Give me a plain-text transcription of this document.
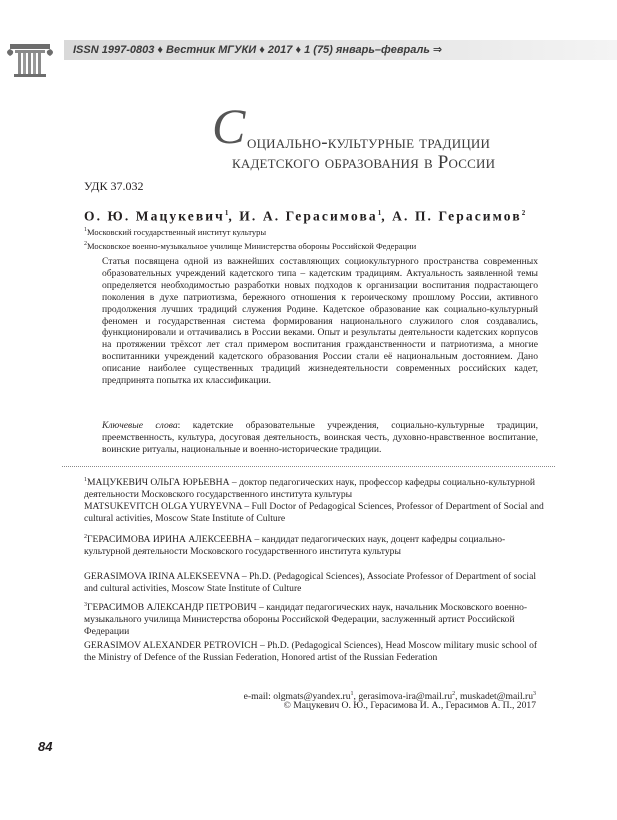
ISSN 1997-0803 ♦ Вестник МГУКИ ♦ 2017 ♦ 1 (75) январь–февраль ⇒
С оциально-культурные традиции
кадетского образования в России
УДК 37.032
О. Ю. Мацукевич$^1$, И. А. Герасимова$^1$, А. П. Герасимов$^2$
$^1$Московский государственный институт культуры
$^2$Московское военно-музыкальное училище Министерства обороны Российской Федерации
Статья посвящена одной из важнейших составляющих социокультурного пространства современных образовательных учреждений кадетского типа – кадетским традициям. Актуальность заявленной темы определяется необходимостью разработки новых подходов к организации воспитания подрастающего поколения в духе патриотизма, бережного отношения к героическому прошлому России, активного продолжения лучших традиций служения Родине. Кадетское образование как социально-культурный феномен и государственная система формирования национального служилого слоя создавались, функционировали и оттачивались в России веками. Опыт и результаты деятельности кадетских корпусов на протяжении трёхсот лет стал примером воспитания гражданственности и патриотизма, а многие воспитанники учреждений кадетского образования России стали её национальным достоянием. Дано описание наиболее существенных традиций жизнедеятельности современных российских кадет, предпринята попытка их классификации.
Ключевые слова: кадетские образовательные учреждения, социально-культурные традиции, преемственность, культура, досуговая деятельность, воинская честь, духовно-нравственное воспитание, воинские ритуалы, национальные и военно-исторические традиции.
$^1$МАЦУКЕВИЧ ОЛЬГА ЮРЬЕВНА – доктор педагогических наук, профессор кафедры социально-культурной деятельности Московского государственного института культуры
MATSUKEVITCH OLGA YURYEVNA – Full Doctor of Pedagogical Sciences, Professor of Department of Social and cultural activities, Moscow State Institute of Culture
$^2$ГЕРАСИМОВА ИРИНА АЛЕКСЕЕВНА – кандидат педагогических наук, доцент кафедры социально-культурной деятельности Московского государственного института культуры
GERASIMOVA IRINA ALEKSEEVNA – Ph.D. (Pedagogical Sciences), Associate Professor of Department of social and cultural activities, Moscow State Institute of Culture
$^3$ГЕРАСИМОВ АЛЕКСАНДР ПЕТРОВИЧ – кандидат педагогических наук, начальник Московского военно-музыкального училища Министерства обороны Российской Федерации, заслуженный артист Российской Федерации
GERASIMOV ALEXANDER PETROVICH – Ph.D. (Pedagogical Sciences), Head Moscow military music school of the Ministry of Defence of the Russian Federation, Honored artist of the Russian Federation
e-mail: $olgmats@yandex.ru^1$, gerasimova-$ira@mail.ru^2$, $muskadet@mail.ru^3$
© Мацукевич О. Ю., Герасимова И. А., Герасимов А. П., 2017
84
